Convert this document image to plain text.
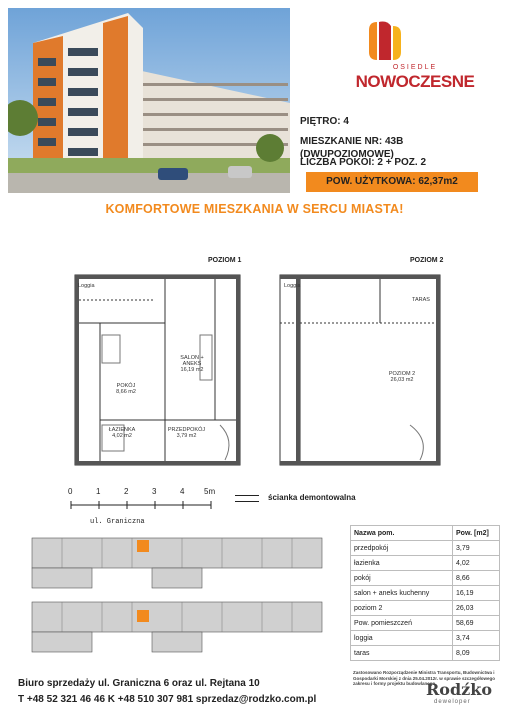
OSIEDLE
NOWOCZESNE
PIĘTRO: 4
MIESZKANIE NR: 43B
(DWUPOZIOMOWE)
LICZBA POKOI: 2 + POZ. 2
POW. UŻYTKOWA: 62,37m2
KOMFORTOWE MIESZKANIA W SERCU MIASTA!
POZIOM 1
Loggia
SALON + ANEKS
16,19 m2
POKÓJ
8,66 m2
ŁAZIENKA
4,02 m2
PRZEDPOKÓJ
3,79 m2
POZIOM 2
Loggia
TARAS
POZIOM 2
26,03 m2
0	1	2	3	4 5m
ścianka demontowalna
ul. Graniczna
Nazwa pom.	Pow. [m2]
przedpokój	3,79
łazienka	4,02
pokój	8,66
salon + aneks kuchenny	16,19
poziom 2	26,03
Pow. pomieszczeń	58,69
loggia	3,74
taras	8,09
Zastosowano Rozporządzenie Ministra Transportu, Budownictwa i Gospodarki Morskiej z dnia 25.04.2012r. w sprawie szczegółowego zakresu i formy projektu budowlanego
Biuro sprzedaży ul. Graniczna 6 oraz ul. Rejtana 10
T +48 52 321 46 46 K +48 510 307 981 sprzedaz@rodzko.com.pl
Rodźko
deweloper
